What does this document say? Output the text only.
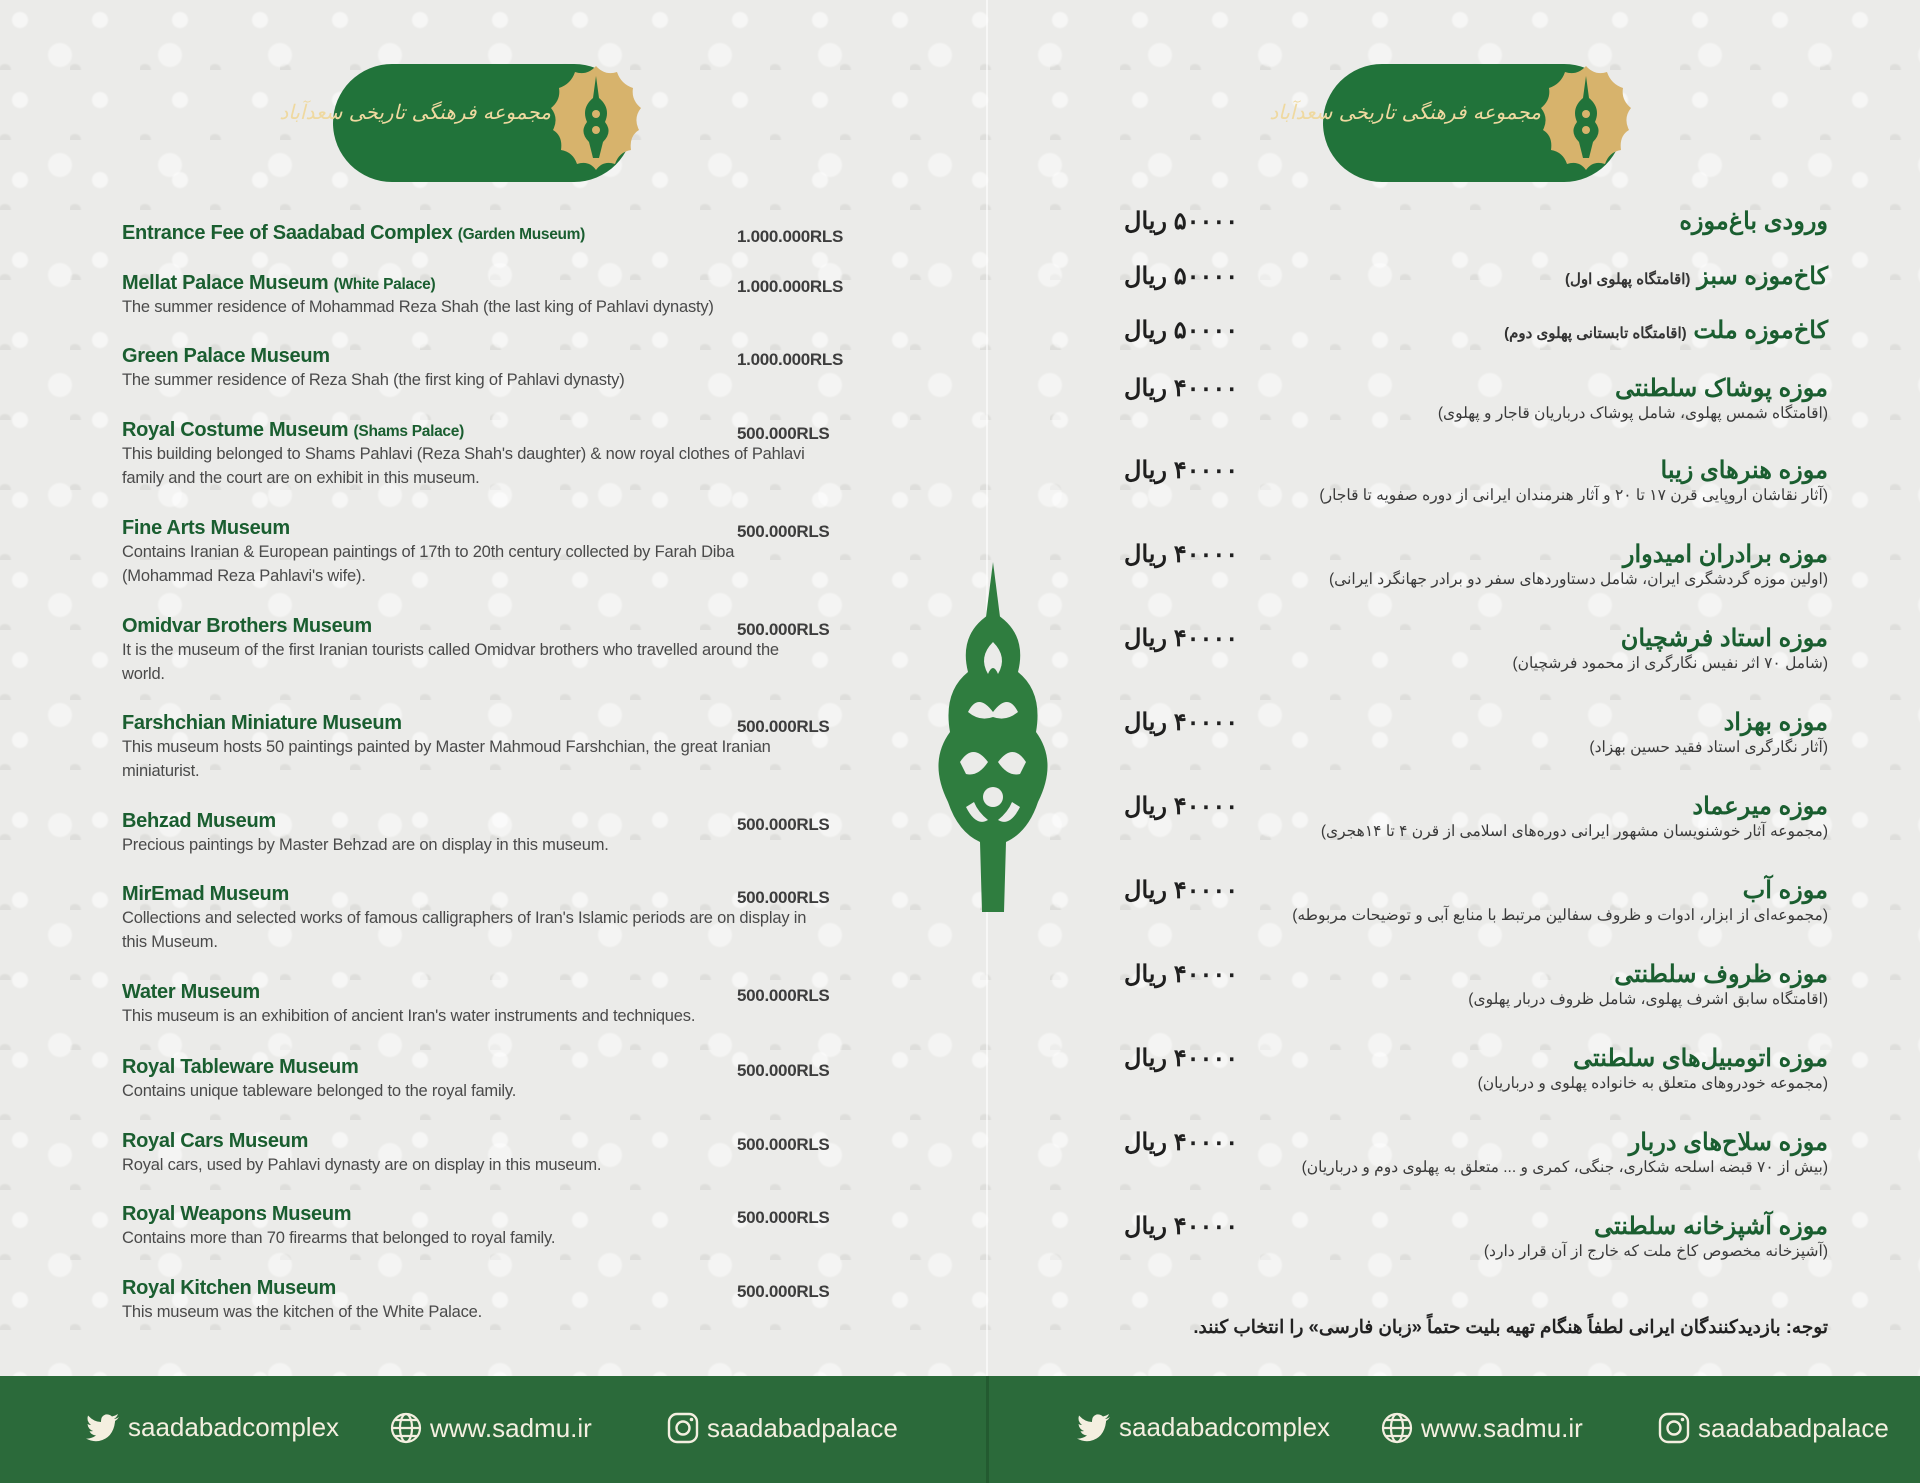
مجموعه فرهنگی تاریخی سعدآباد
Entrance Fee of Saadabad Complex (Garden Museum)	1.000.000RLS
Mellat Palace Museum (White Palace)
The summer residence of Mohammad Reza Shah (the last king of Pahlavi dynasty)
1.000.000RLS
Green Palace Museum
The summer residence of Reza Shah (the first king of Pahlavi dynasty)
1.000.000RLS
Royal Costume Museum (Shams Palace)
This building belonged to Shams Pahlavi (Reza Shah's daughter) & now royal clothes of Pahlavi family and the court are on exhibit in this museum.
500.000RLS
Fine Arts Museum
Contains Iranian & European paintings of 17th to 20th century collected by Farah Diba (Mohammad Reza Pahlavi's wife).
500.000RLS
Omidvar Brothers Museum
It is the museum of the first Iranian tourists called Omidvar brothers who travelled around the world.
500.000RLS
Farshchian Miniature Museum
This museum hosts 50 paintings painted by Master Mahmoud Farshchian, the great Iranian miniaturist.
500.000RLS
Behzad Museum
Precious paintings by Master Behzad are on display in this museum.
500.000RLS
MirEmad Museum
Collections and selected works of famous calligraphers of Iran's Islamic periods are on display in this Museum.
500.000RLS
Water Museum
This museum is an exhibition of ancient Iran's water instruments and techniques.
500.000RLS
Royal Tableware Museum
Contains unique tableware belonged to the royal family.
500.000RLS
Royal Cars Museum
Royal cars, used by Pahlavi dynasty are on display in this museum.
500.000RLS
Royal Weapons Museum
Contains more than 70 firearms that belonged to royal family.
500.000RLS
Royal Kitchen Museum
This museum was the kitchen of the White Palace.
500.000RLS
مجموعه فرهنگی تاریخی سعدآباد
ورودی باغ‌موزه
۵۰۰۰۰ ریال
کاخ‌موزه سبز (اقامتگاه پهلوی اول)
۵۰۰۰۰ ریال
کاخ‌موزه ملت (اقامتگاه تابستانی پهلوی دوم)
۵۰۰۰۰ ریال
موزه پوشاک سلطنتی
(اقامتگاه شمس پهلوی، شامل پوشاک درباریان قاجار و پهلوی)
۴۰۰۰۰ ریال
موزه هنرهای زیبا
(آثار نقاشان اروپایی قرن ۱۷ تا ۲۰ و آثار هنرمندان ایرانی از دوره صفویه تا قاجار)
۴۰۰۰۰ ریال
موزه برادران امیدوار
(اولین موزه گردشگری ایران، شامل دستاوردهای سفر دو برادر جهانگرد ایرانی)
۴۰۰۰۰ ریال
موزه استاد فرشچیان
(شامل ۷۰ اثر نفیس نگارگری از محمود فرشچیان)
۴۰۰۰۰ ریال
موزه بهزاد
(آثار نگارگری استاد فقید حسین بهزاد)
۴۰۰۰۰ ریال
موزه میرعماد
(مجموعه آثار خوشنویسان مشهور ایرانی دوره‌های اسلامی از قرن ۴ تا ۱۴هجری)
۴۰۰۰۰ ریال
موزه آب
(مجموعه‌ای از ابزار، ادوات و ظروف سفالین مرتبط با منابع آبی و توضیحات مربوطه)
۴۰۰۰۰ ریال
موزه ظروف سلطنتی
(اقامتگاه سابق اشرف پهلوی، شامل ظروف دربار پهلوی)
۴۰۰۰۰ ریال
موزه اتومبیل‌های سلطنتی
(مجموعه خودروهای متعلق به خانواده پهلوی و درباریان)
۴۰۰۰۰ ریال
موزه سلاح‌های دربار
(بیش از ۷۰ قبضه اسلحه شکاری، جنگی، کمری و ... متعلق به پهلوی دوم و درباریان)
۴۰۰۰۰ ریال
موزه آشپزخانه سلطنتی
(آشپزخانه مخصوص کاخ ملت که خارج از آن قرار دارد)
۴۰۰۰۰ ریال
توجه: بازدیدکنندگان ایرانی لطفاً هنگام تهیه بلیت حتماً «زبان فارسی» را انتخاب کنند.
saadabadcomplex	www.sadmu.ir	saadabadpalace	saadabadcomplex	www.sadmu.ir	saadabadpalace
